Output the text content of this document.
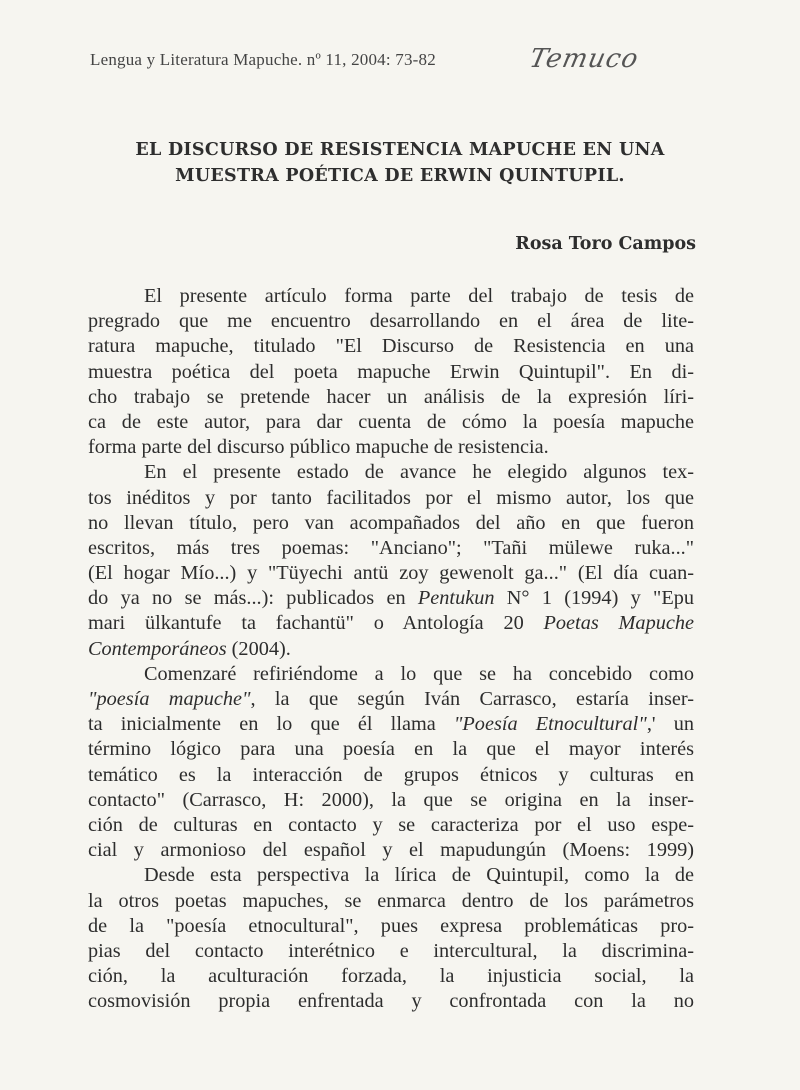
Lengua y Literatura Mapuche. nº 11, 2004: 73-82	Temuco
EL DISCURSO DE RESISTENCIA MAPUCHE EN UNA
MUESTRA POÉTICA DE ERWIN QUINTUPIL.
Rosa Toro Campos
El presente artículo forma parte del trabajo de tesis de
pregrado que me encuentro desarrollando en el área de lite-
ratura mapuche, titulado "El Discurso de Resistencia en una
muestra poética del poeta mapuche Erwin Quintupil". En di-
cho trabajo se pretende hacer un análisis de la expresión líri-
ca de este autor, para dar cuenta de cómo la poesía mapuche
forma parte del discurso público mapuche de resistencia.
En el presente estado de avance he elegido algunos tex-
tos inéditos y por tanto facilitados por el mismo autor, los que
no llevan título, pero van acompañados del año en que fueron
escritos, más tres poemas: "Anciano"; "Tañi mülewe ruka..."
(El hogar Mío...) y "Tüyechi antü zoy gewenolt ga..." (El día cuan-
do ya no se más...): publicados en Pentukun N° 1 (1994) y "Epu
mari ülkantufe ta fachantü" o Antología 20 Poetas Mapuche
Contemporáneos (2004).
Comenzaré refiriéndome a lo que se ha concebido como
"poesía mapuche", la que según Iván Carrasco, estaría inser-
ta inicialmente en lo que él llama "Poesía Etnocultural",' un
término lógico para una poesía en la que el mayor interés
temático es la interacción de grupos étnicos y culturas en
contacto" (Carrasco, H: 2000), la que se origina en la inser-
ción de culturas en contacto y se caracteriza por el uso espe-
cial y armonioso del español y el mapudungún (Moens: 1999)
Desde esta perspectiva la lírica de Quintupil, como la de
la otros poetas mapuches, se enmarca dentro de los parámetros
de la "poesía etnocultural", pues expresa problemáticas pro-
pias del contacto interétnico e intercultural, la discrimina-
ción, la aculturación forzada, la injusticia social, la
cosmovisión propia enfrentada y confrontada con la no
